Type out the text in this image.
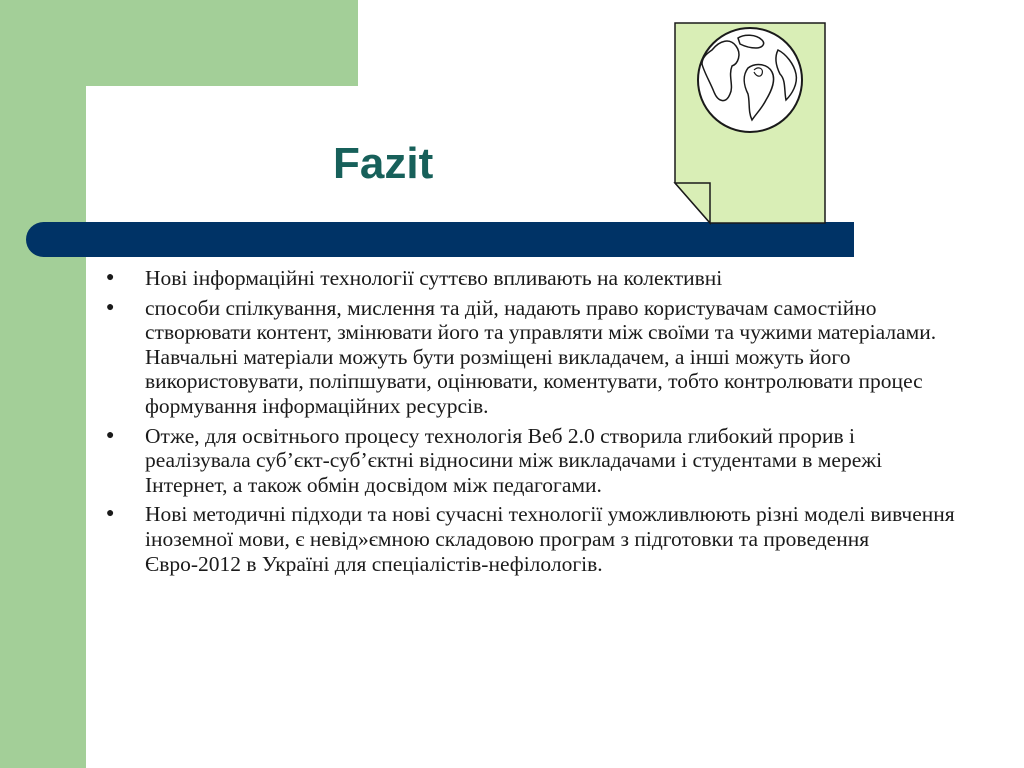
Fazit
● Нові інформаційні технології суттєво впливають на колективні
● способи спілкування, мислення та дій, надають право користувачам самостійно створювати контент, змінювати його та управляти між своїми та чужими матеріалами. Навчальні матеріали можуть бути розміщені викладачем, а інші можуть його використовувати, поліпшувати, оцінювати, коментувати, тобто контролювати процес формування інформаційних ресурсів.
● Отже, для освітнього процесу технологія Веб 2.0 створила глибокий прорив і реалізувала суб’єкт-суб’єктні відносини між викладачами і студентами в мережі Інтернет, а також обмін досвідом між педагогами.
● Нові методичні підходи та нові сучасні технології уможливлюють різні моделі вивчення іноземної мови, є невід»ємною складовою програм з підготовки та проведення Євро-2012 в Україні для спеціалістів-нефілологів.
